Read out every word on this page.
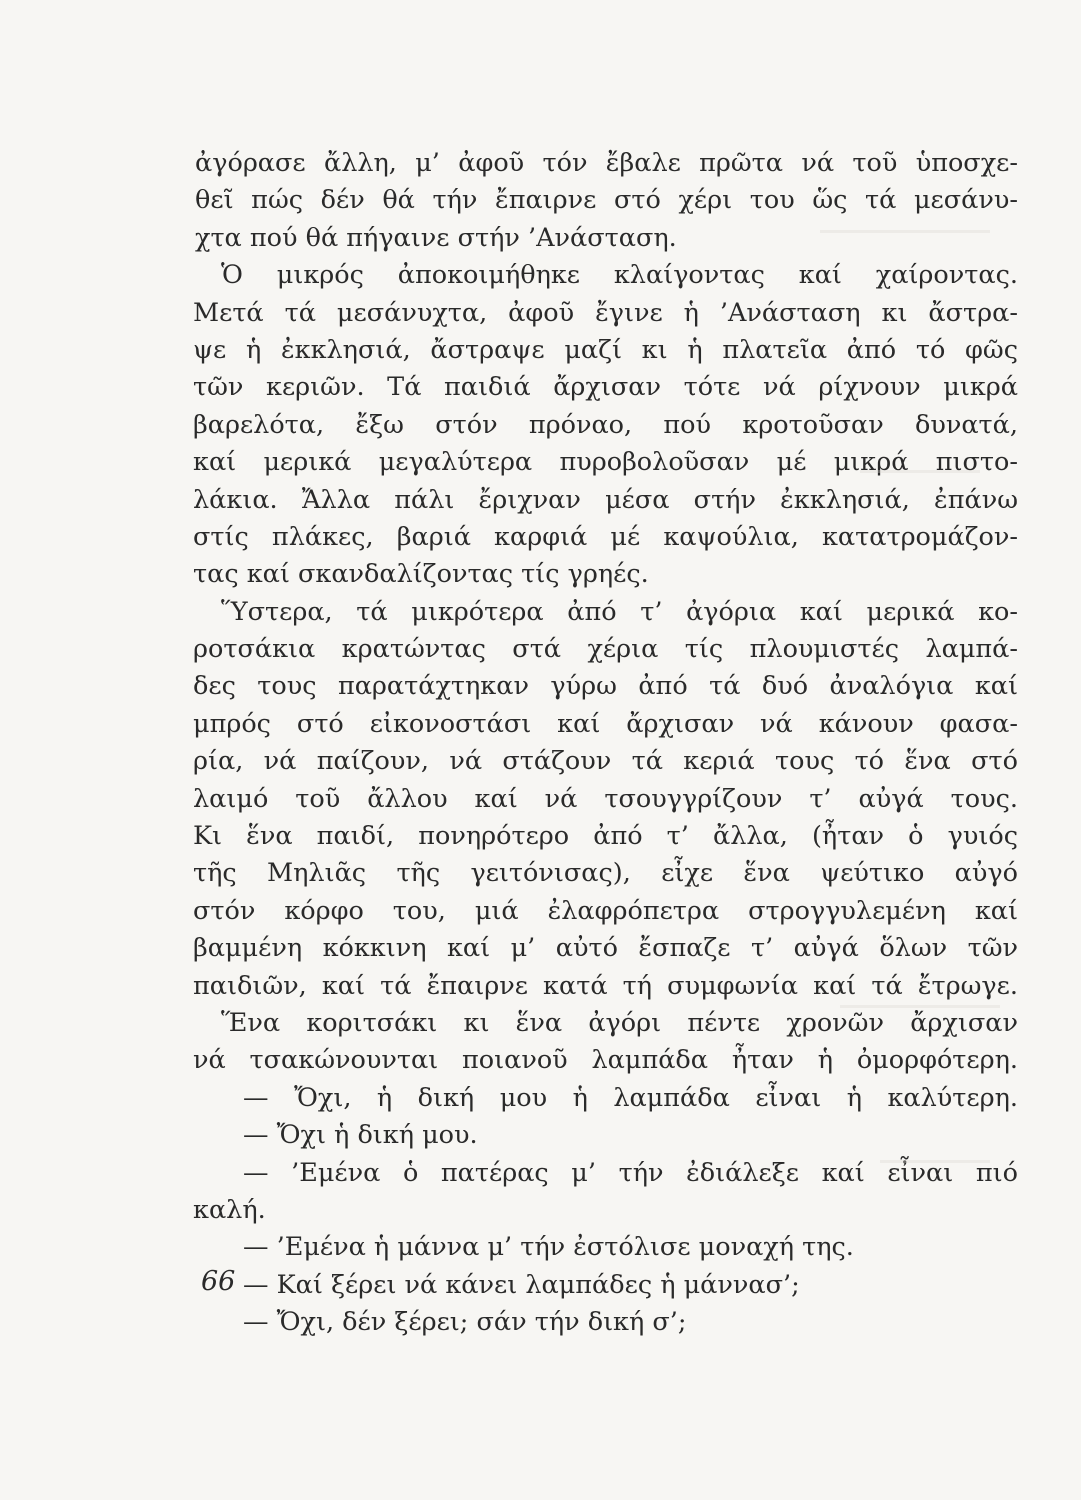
ἀγόρασε ἄλλη, μ’ ἀφοῦ τόν ἔβαλε πρῶτα νά τοῦ ὑποσχε-
θεῖ πώς δέν θά τήν ἔπαιρνε στό χέρι του ὥς τά μεσάνυ-
χτα πού θά πήγαινε στήν ’Ανάσταση.
Ὁ μικρός ἀποκοιμήθηκε κλαίγοντας καί χαίροντας.
Μετά τά μεσάνυχτα, ἀφοῦ ἔγινε ἡ ’Ανάσταση κι ἄστρα-
ψε ἡ ἐκκλησιά, ἄστραψε μαζί κι ἡ πλατεῖα ἀπό τό φῶς
τῶν κεριῶν. Τά παιδιά ἄρχισαν τότε νά ρίχνουν μικρά
βαρελότα, ἔξω στόν πρόναο, πού κροτοῦσαν δυνατά,
καί μερικά μεγαλύτερα πυροβολοῦσαν μέ μικρά πιστο-
λάκια. Ἄλλα πάλι ἔριχναν μέσα στήν ἐκκλησιά, ἐπάνω
στίς πλάκες, βαριά καρφιά μέ καψούλια, κατατρομάζον-
τας καί σκανδαλίζοντας τίς γρηές.
Ὕστερα, τά μικρότερα ἀπό τ’ ἀγόρια καί μερικά κο-
ροτσάκια κρατώντας στά χέρια τίς πλουμιστές λαμπά-
δες τους παρατάχτηκαν γύρω ἀπό τά δυό ἀναλόγια καί
μπρός στό εἰκονοστάσι καί ἄρχισαν νά κάνουν φασα-
ρία, νά παίζουν, νά στάζουν τά κεριά τους τό ἕνα στό
λαιμό τοῦ ἄλλου καί νά τσουγγρίζουν τ’ αὐγά τους.
Κι ἕνα παιδί, πονηρότερο ἀπό τ’ ἄλλα, (ἦταν ὁ γυιός
τῆς Μηλιᾶς τῆς γειτόνισας), εἶχε ἕνα ψεύτικο αὐγό
στόν κόρφο του, μιά ἐλαφρόπετρα στρογγυλεμένη καί
βαμμένη κόκκινη καί μ’ αὐτό ἔσπαζε τ’ αὐγά ὅλων τῶν
παιδιῶν, καί τά ἔπαιρνε κατά τή συμφωνία καί τά ἔτρωγε.
Ἕνα κοριτσάκι κι ἕνα ἀγόρι πέντε χρονῶν ἄρχισαν
νά τσακώνουνται ποιανοῦ λαμπάδα ἦταν ἡ ὀμορφότερη.
— Ὄχι, ἡ δική μου ἡ λαμπάδα εἶναι ἡ καλύτερη.
— Ὄχι ἡ δική μου.
— ’Εμένα ὁ πατέρας μ’ τήν ἐδιάλεξε καί εἶναι πιό
καλή.
— ’Εμένα ἡ μάννα μ’ τήν ἐστόλισε μοναχή της.
— Καί ξέρει νά κάνει λαμπάδες ἡ μάννασ’;
— Ὄχι, δέν ξέρει; σάν τήν δική σ’;
66
